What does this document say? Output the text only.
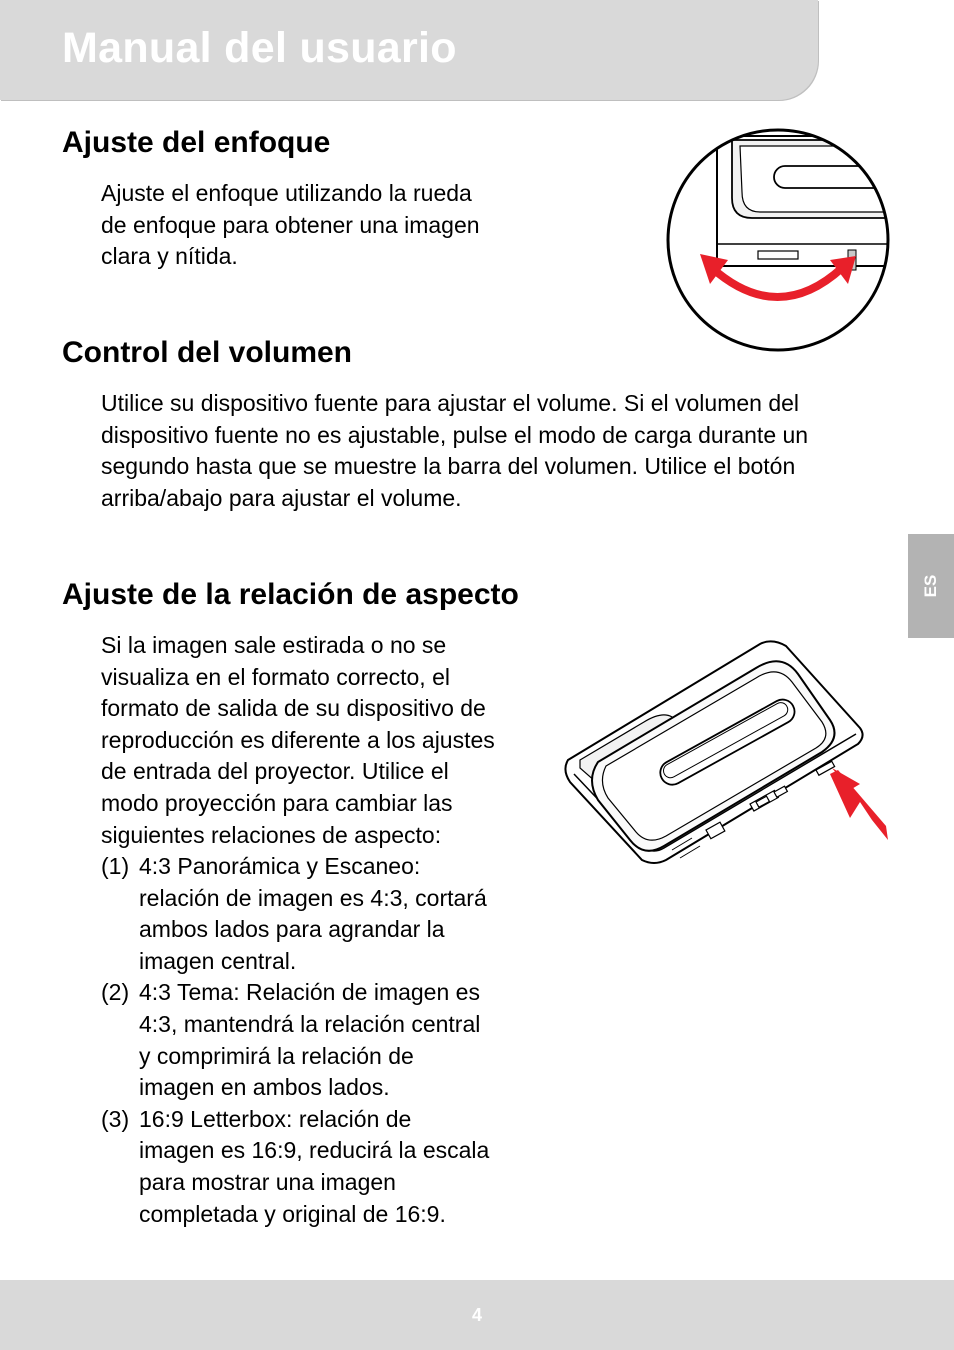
Manual del usuario
Ajuste del enfoque
Ajuste el enfoque utilizando la rueda
de enfoque para obtener una imagen
clara y nítida.
Control del volumen
Utilice su dispositivo fuente para ajustar el volume. Si el volumen del
dispositivo fuente no es ajustable, pulse el modo de carga durante un
segundo hasta que se muestre la barra del volumen. Utilice el botón
arriba/abajo para ajustar el volume.
Ajuste de la relación de aspecto
Si la imagen sale estirada o no se
visualiza en el formato correcto, el
formato de salida de su dispositivo de
reproducción es diferente a los ajustes
de entrada del proyector. Utilice el
modo proyección para cambiar las
siguientes relaciones de aspecto:
(1) 4:3 Panorámica y Escaneo:
relación de imagen es 4:3, cortará
ambos lados para agrandar la
imagen central.
(2) 4:3 Tema: Relación de imagen es
4:3, mantendrá la relación central
y comprimirá la relación de
imagen en ambos lados.
(3) 16:9 Letterbox: relación de
imagen es 16:9, reducirá la escala
para mostrar una imagen
completada y original de 16:9.
ES
4
